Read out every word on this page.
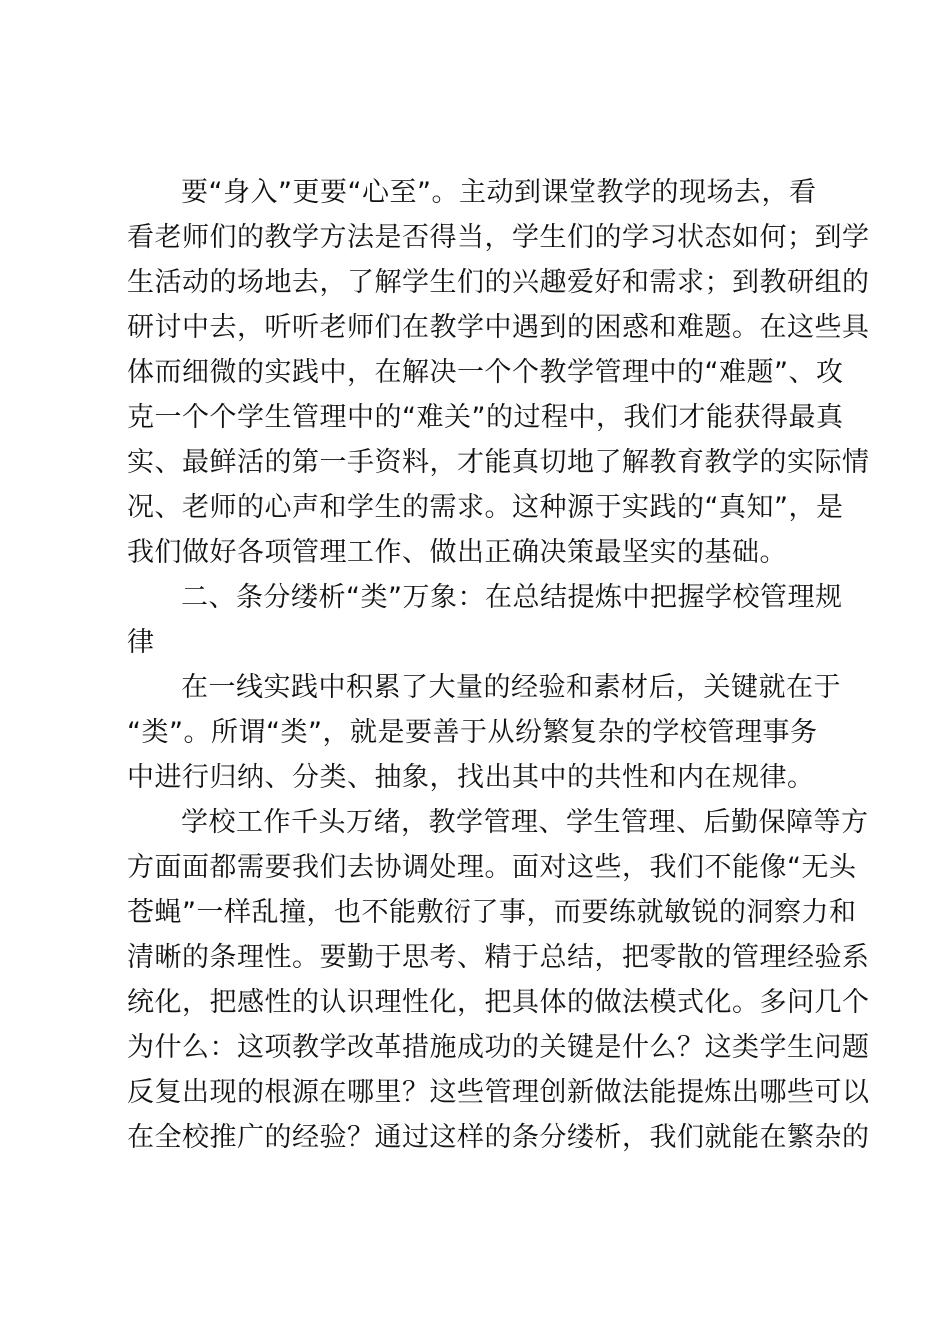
要“身入”更要“心至”。主动到课堂教学的现场去，看
看老师们的教学方法是否得当，学生们的学习状态如何；到学
生活动的场地去，了解学生们的兴趣爱好和需求；到教研组的
研讨中去，听听老师们在教学中遇到的困惑和难题。在这些具
体而细微的实践中，在解决一个个教学管理中的“难题”、攻
克一个个学生管理中的“难关”的过程中，我们才能获得最真
实、最鲜活的第一手资料，才能真切地了解教育教学的实际情
况、老师的心声和学生的需求。这种源于实践的“真知”，是
我们做好各项管理工作、做出正确决策最坚实的基础。
二、条分缕析“类”万象：在总结提炼中把握学校管理规
律
在一线实践中积累了大量的经验和素材后，关键就在于
“类”。所谓“类”，就是要善于从纷繁复杂的学校管理事务
中进行归纳、分类、抽象，找出其中的共性和内在规律。
学校工作千头万绪，教学管理、学生管理、后勤保障等方
方面面都需要我们去协调处理。面对这些，我们不能像“无头
苍蝇”一样乱撞，也不能敷衍了事，而要练就敏锐的洞察力和
清晰的条理性。要勤于思考、精于总结，把零散的管理经验系
统化，把感性的认识理性化，把具体的做法模式化。多问几个
为什么：这项教学改革措施成功的关键是什么？这类学生问题
反复出现的根源在哪里？这些管理创新做法能提炼出哪些可以
在全校推广的经验？通过这样的条分缕析，我们就能在繁杂的
